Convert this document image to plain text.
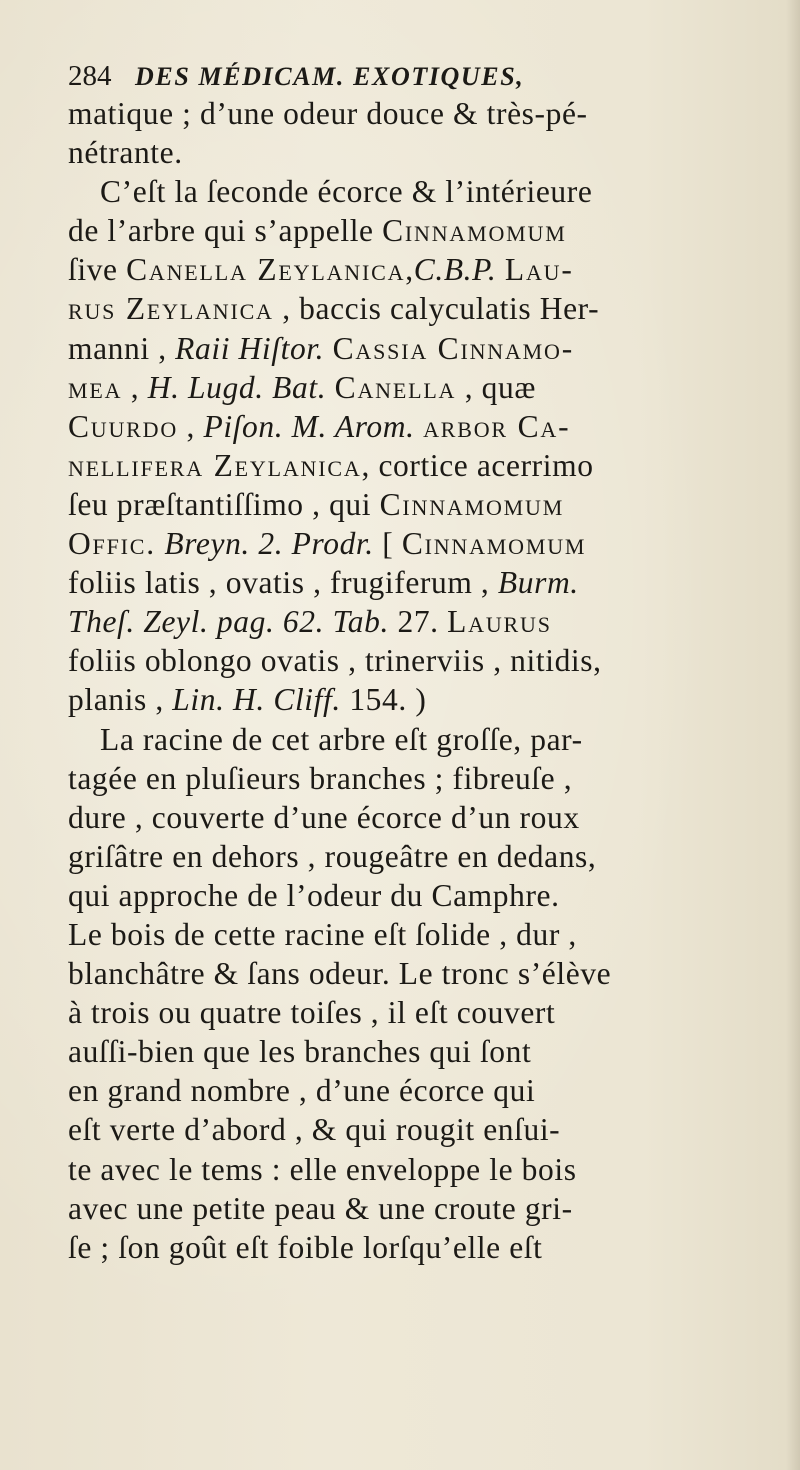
284 DES MÉDICAM. EXOTIQUES,
matique ; d’une odeur douce & très-pé-
nétrante.
C’eſt la ſeconde écorce & l’intérieure
de l’arbre qui s’appelle Cinnamomum
ſive Canella Zeylanica,C.B.P. Lau-
rus Zeylanica , baccis calyculatis Her-
manni , Raii Hiſtor. Cassia Cinnamo-
mea , H. Lugd. Bat. Canella , quæ
Cuurdo , Piſon. M. Arom. arbor Ca-
nellifera Zeylanica, cortice acerrimo
ſeu præſtantiſſimo , qui Cinnamomum
Offic. Breyn. 2. Prodr. [ Cinnamomum
foliis latis , ovatis , frugiferum , Burm.
Theſ. Zeyl. pag. 62. Tab. 27. Laurus
foliis oblongo ovatis , trinerviis , nitidis,
planis , Lin. H. Cliff. 154. )
La racine de cet arbre eſt groſſe, par-
tagée en pluſieurs branches ; fibreuſe ,
dure , couverte d’une écorce d’un roux
griſâtre en dehors , rougeâtre en dedans,
qui approche de l’odeur du Camphre.
Le bois de cette racine eſt ſolide , dur ,
blanchâtre & ſans odeur. Le tronc s’élève
à trois ou quatre toiſes , il eſt couvert
auſſi-bien que les branches qui ſont
en grand nombre , d’une écorce qui
eſt verte d’abord , & qui rougit enſui-
te avec le tems : elle enveloppe le bois
avec une petite peau & une croute gri-
ſe ; ſon goût eſt foible lorſqu’elle eſt
